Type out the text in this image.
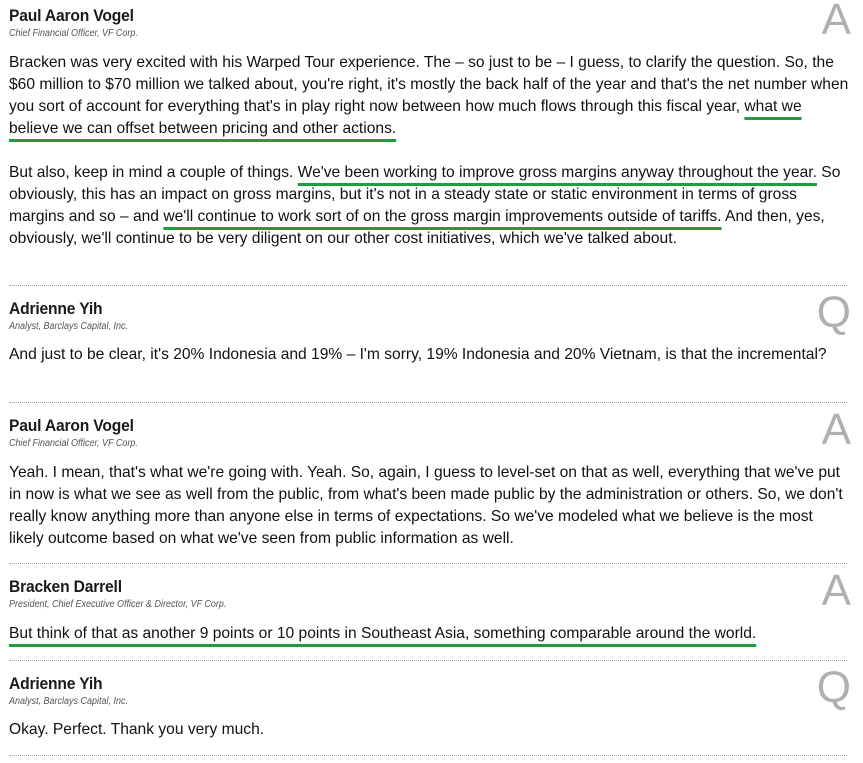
Paul Aaron Vogel
Chief Financial Officer, VF Corp.	A

Bracken was very excited with his Warped Tour experience. The – so just to be – I guess, to clarify the question. So, the $60 million to $70 million we talked about, you're right, it's mostly the back half of the year and that's the net number when you sort of account for everything that's in play right now between how much flows through this fiscal year, what we believe we can offset between pricing and other actions.

But also, keep in mind a couple of things. We've been working to improve gross margins anyway throughout the year. So obviously, this has an impact on gross margins, but it's not in a steady state or static environment in terms of gross margins and so – and we'll continue to work sort of on the gross margin improvements outside of tariffs. And then, yes, obviously, we'll continue to be very diligent on our other cost initiatives, which we've talked about.

Adrienne Yih
Analyst, Barclays Capital, Inc.	Q

And just to be clear, it's 20% Indonesia and 19% – I'm sorry, 19% Indonesia and 20% Vietnam, is that the incremental?

Paul Aaron Vogel
Chief Financial Officer, VF Corp.	A

Yeah. I mean, that's what we're going with. Yeah. So, again, I guess to level-set on that as well, everything that we've put in now is what we see as well from the public, from what's been made public by the administration or others. So, we don't really know anything more than anyone else in terms of expectations. So we've modeled what we believe is the most likely outcome based on what we've seen from public information as well.

Bracken Darrell
President, Chief Executive Officer & Director, VF Corp.	A

But think of that as another 9 points or 10 points in Southeast Asia, something comparable around the world.

Adrienne Yih
Analyst, Barclays Capital, Inc.	Q

Okay. Perfect. Thank you very much.
